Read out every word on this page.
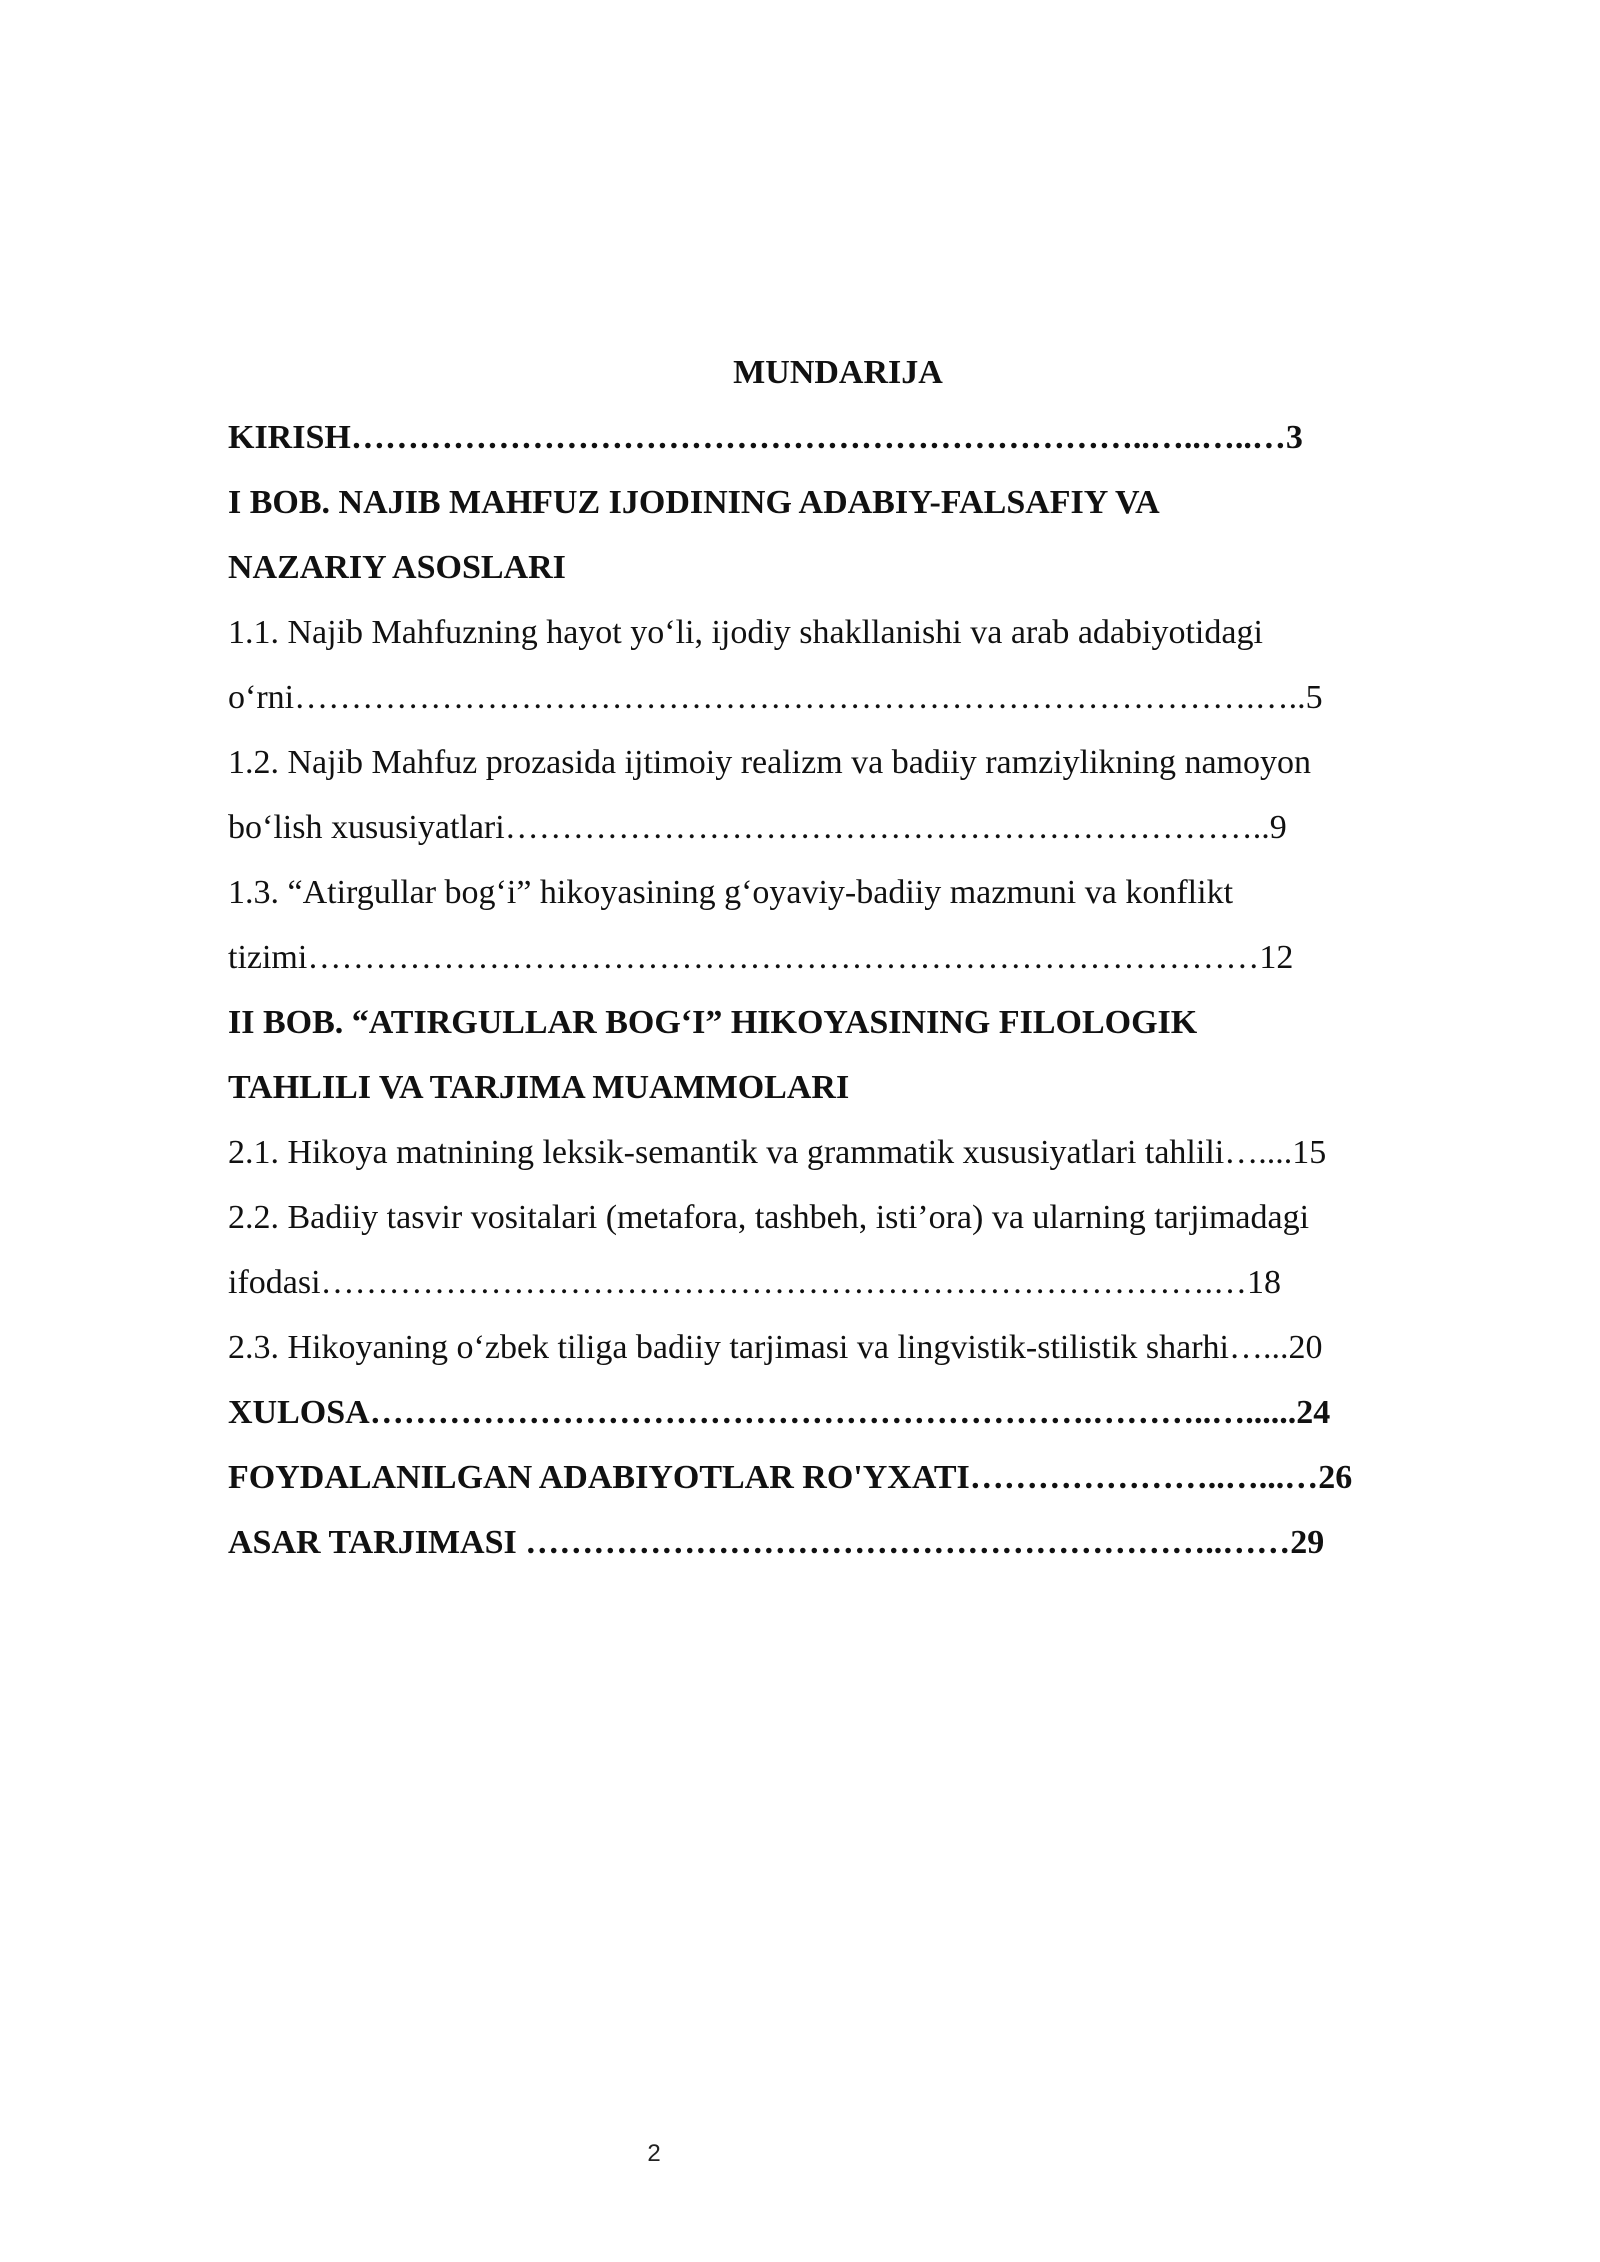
MUNDARIJA
KIRISH……………………………………………………………..…..…..…3
I BOB. NAJIB MAHFUZ IJODINING ADABIY-FALSAFIY VA
NAZARIY ASOSLARI
1.1. Najib Mahfuzning hayot yo‘li, ijodiy shakllanishi va arab adabiyotidagi
o‘rni………………………………………………………………………….…..5
1.2. Najib Mahfuz prozasida ijtimoiy realizm va badiiy ramziylikning namoyon
bo‘lish xususiyatlari…………………………………………………………..9
1.3. “Atirgullar bog‘i” hikoyasining g‘oyaviy-badiiy mazmuni va konflikt
tizimi…………………………………………………………………………12
II BOB. “ATIRGULLAR BOG‘I” HIKOYASINING FILOLOGIK
TAHLILI VA TARJIMA MUAMMOLARI
2.1. Hikoya matnining leksik-semantik va grammatik xususiyatlari tahlili…....15
2.2. Badiiy tasvir vositalari (metafora, tashbeh, isti’ora) va ularning tarjimadagi
ifodasi…………………………………………………………………….…18
2.3. Hikoyaning o‘zbek tiliga badiiy tarjimasi va lingvistik-stilistik sharhi…...20
XULOSA……………………………………………………….………..…......24
FOYDALANILGAN ADABIYOTLAR RO'YXATI…………………..…...…26
ASAR TARJIMASI ……………………………………………………..……29
2
